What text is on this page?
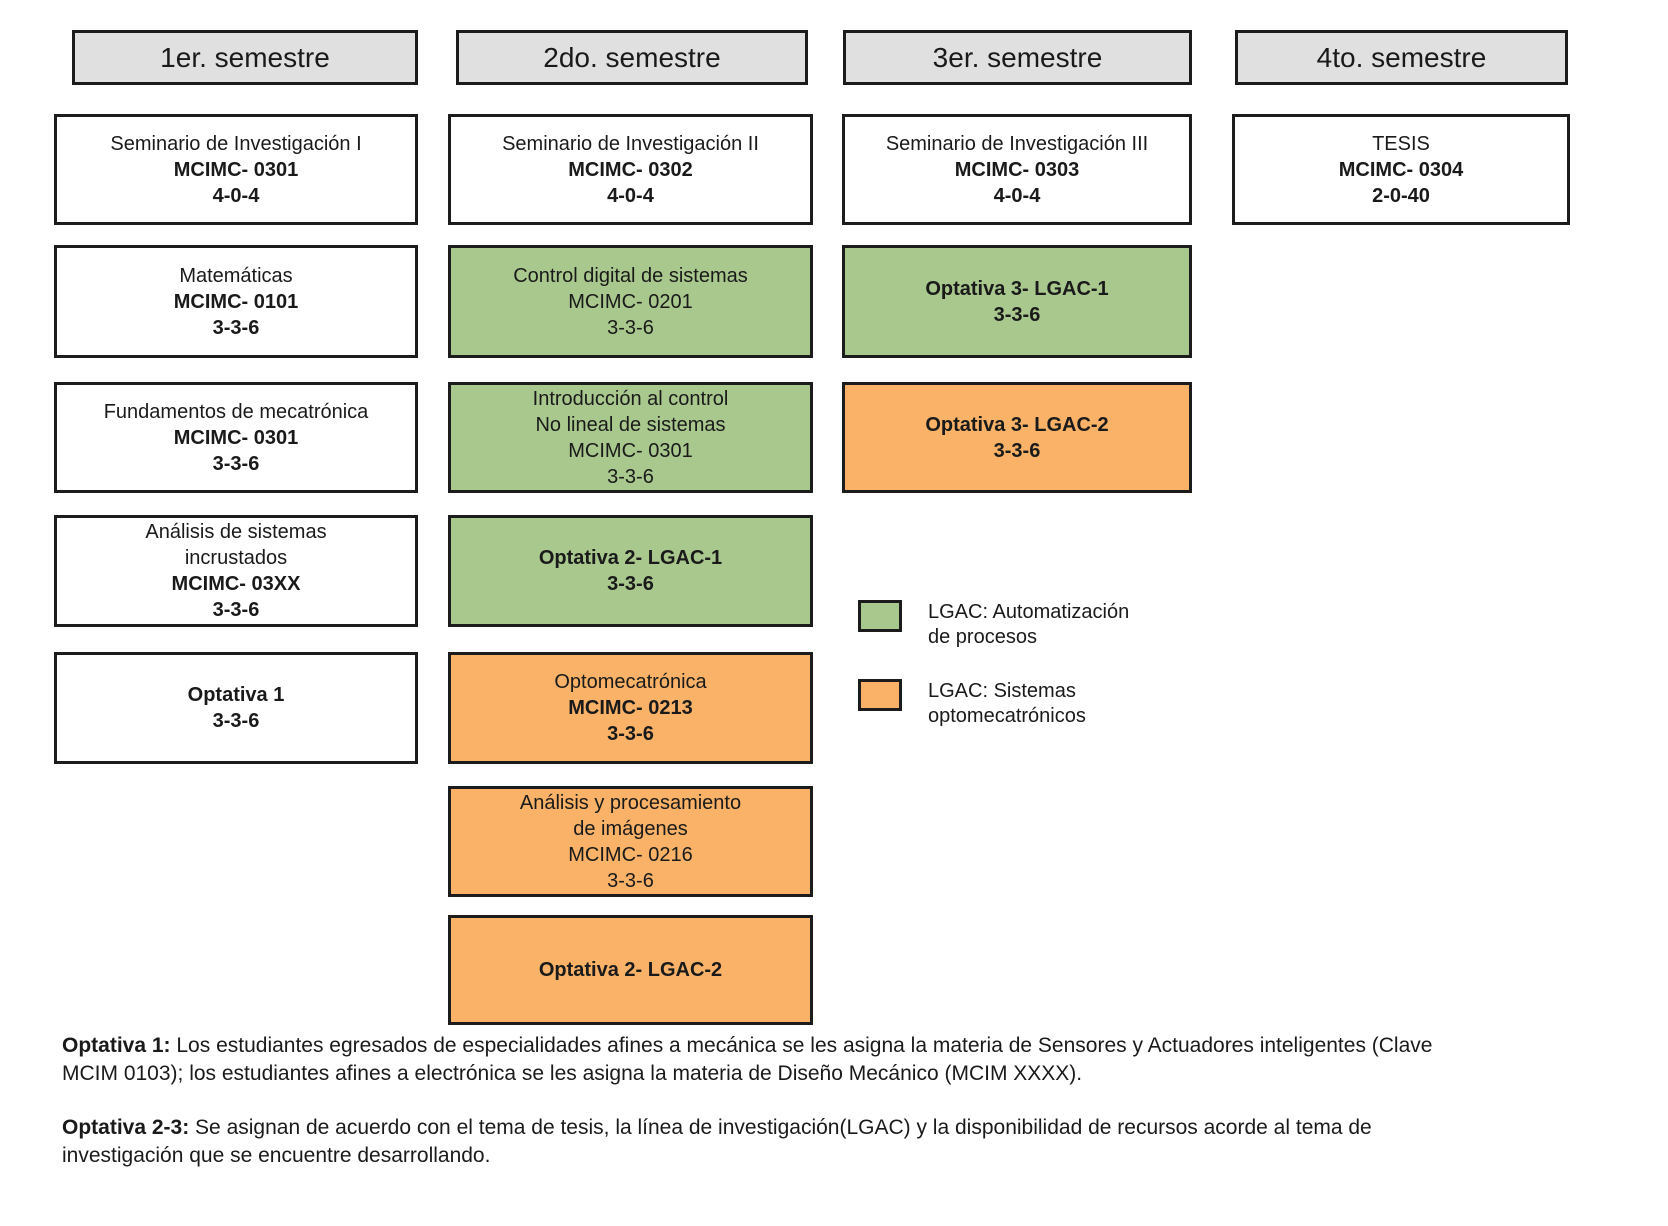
1er. semestre	2do. semestre	3er. semestre	4to. semestre
Seminario de Investigación I
MCIMC- 0301
4-0-4
Matemáticas
MCIMC- 0101
3-3-6
Fundamentos de mecatrónica
MCIMC- 0301
3-3-6
Análisis de sistemas
incrustados
MCIMC- 03XX
3-3-6
Optativa 1
3-3-6
Seminario de Investigación II
MCIMC- 0302
4-0-4
Control digital de sistemas
MCIMC- 0201
3-3-6
Introducción al control
No lineal de sistemas
MCIMC- 0301
3-3-6
Optativa 2- LGAC-1
3-3-6
Optomecatrónica
MCIMC- 0213
3-3-6
Análisis y procesamiento
de imágenes
MCIMC- 0216
3-3-6
Optativa 2- LGAC-2
Seminario de Investigación III
MCIMC- 0303
4-0-4
Optativa 3- LGAC-1
3-3-6
Optativa 3- LGAC-2
3-3-6
TESIS
MCIMC- 0304
2-0-40
LGAC: Automatización
de procesos
LGAC: Sistemas
optomecatrónicos

Optativa 1: Los estudiantes egresados de especialidades afines a mecánica se les asigna la materia de Sensores y Actuadores inteligentes (Clave MCIM 0103); los estudiantes afines a electrónica se les asigna la materia de Diseño Mecánico (MCIM XXXX).

Optativa 2-3: Se asignan de acuerdo con el tema de tesis, la línea de investigación(LGAC) y la disponibilidad de recursos acorde al tema de investigación que se encuentre desarrollando.
